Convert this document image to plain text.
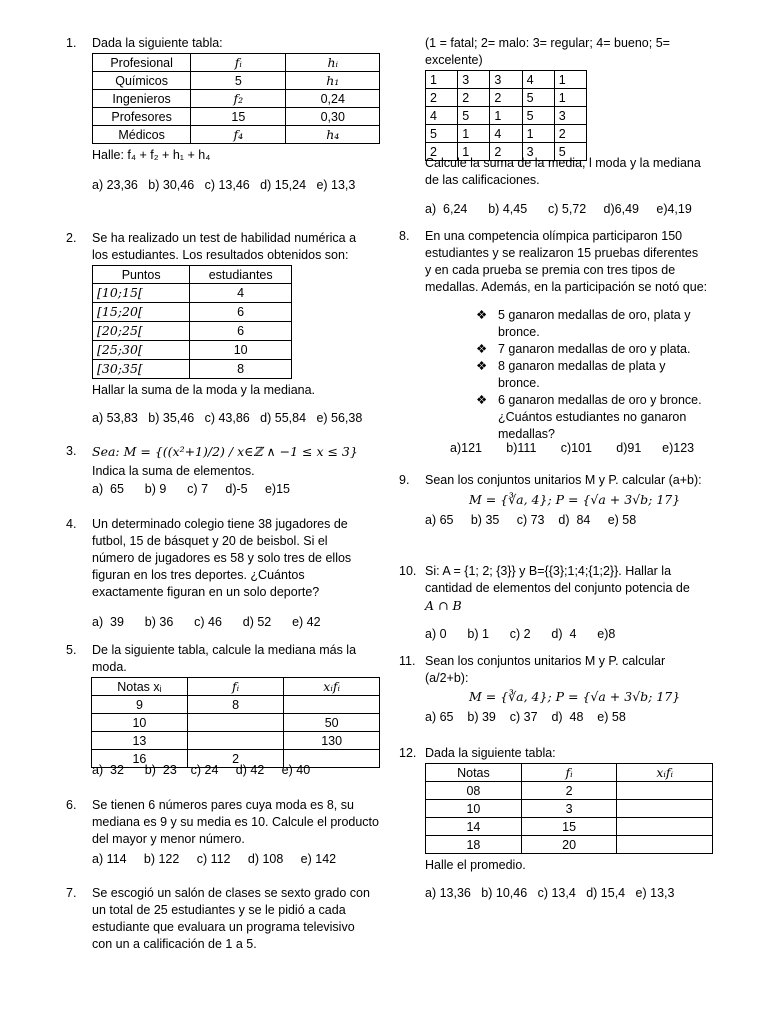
1. Dada la siguiente tabla:
Profesional	fᵢ	hᵢ
Químicos	5	h₁
Ingenieros	f₂	0,24
Profesores	15	0,30
Médicos	f₄	h₄
Halle: f₄ + f₂ + h₁ + h₄
a) 23,36   b) 30,46   c) 13,46   d) 15,24   e) 13,3
2. Se ha realizado un test de habilidad numérica a
los estudiantes. Los resultados obtenidos son:
Puntos	estudiantes
[10;15[	4
[15;20[	6
[20;25[	6
[25;30[	10
[30;35[	8
Hallar la suma de la moda y la mediana.
a) 53,83   b) 35,46   c) 43,86   d) 55,84   e) 56,38
3. Sea: M = {((x²+1)/2) / x∈ℤ ∧ −1 ≤ x ≤ 3}
Indica la suma de elementos.
a)  65      b) 9      c) 7     d)-5     e)15
4. Un determinado colegio tiene 38 jugadores de
futbol, 15 de básquet y 20 de beisbol. Si el
número de jugadores es 58 y solo tres de ellos
figuran en los tres deportes. ¿Cuántos
exactamente figuran en un solo deporte?
a)  39      b) 36      c) 46      d) 52      e) 42
5. De la siguiente tabla, calcule la mediana más la
moda.
Notas xᵢ	fᵢ	xᵢfᵢ
9	8	
10		50
13		130
16	2	
a)  32      b)  23    c) 24     d) 42     e) 40
6. Se tienen 6 números pares cuya moda es 8, su
mediana es 9 y su media es 10. Calcule el producto
del mayor y menor número.
a) 114     b) 122     c) 112     d) 108     e) 142
7. Se escogió un salón de clases se sexto grado con
un total de 25 estudiantes y se le pidió a cada
estudiante que evaluara un programa televisivo
con un a calificación de 1 a 5.
(1 = fatal; 2= malo: 3= regular; 4= bueno; 5=
excelente)
1	3	3	4	1
2	2	2	5	1
4	5	1	5	3
5	1	4	1	2
2	1	2	3	5
Calcule la suma de la media, l moda y la mediana
de las calificaciones.
a)  6,24      b) 4,45      c) 5,72     d)6,49     e)4,19
8. En una competencia olímpica participaron 150
estudiantes y se realizaron 15 pruebas diferentes
y en cada prueba se premia con tres tipos de
medallas. Además, en la participación se notó que:
❖ 5 ganaron medallas de oro, plata y
bronce.
❖ 7 ganaron medallas de oro y plata.
❖ 8 ganaron medallas de plata y
bronce.
❖ 6 ganaron medallas de oro y bronce.
¿Cuántos estudiantes no ganaron
medallas?
a)121       b)111       c)101       d)91      e)123
9. Sean los conjuntos unitarios M y P. calcular (a+b):
M = {∛a, 4}; P = {√a + 3√b; 17}
a) 65     b) 35     c) 73    d)  84     e) 58
10. Si: A = {1; 2; {3}} y B={{3};1;4;{1;2}}. Hallar la
cantidad de elementos del conjunto potencia de
A ∩ B
a) 0      b) 1      c) 2      d)  4      e)8
11. Sean los conjuntos unitarios M y P. calcular
(a/2+b):
M = {∛a, 4}; P = {√a + 3√b; 17}
a) 65    b) 39    c) 37    d)  48    e) 58
12. Dada la siguiente tabla:
Notas	fᵢ	xᵢfᵢ
08	2	
10	3	
14	15	
18	20	
Halle el promedio.
a) 13,36   b) 10,46   c) 13,4   d) 15,4   e) 13,3
